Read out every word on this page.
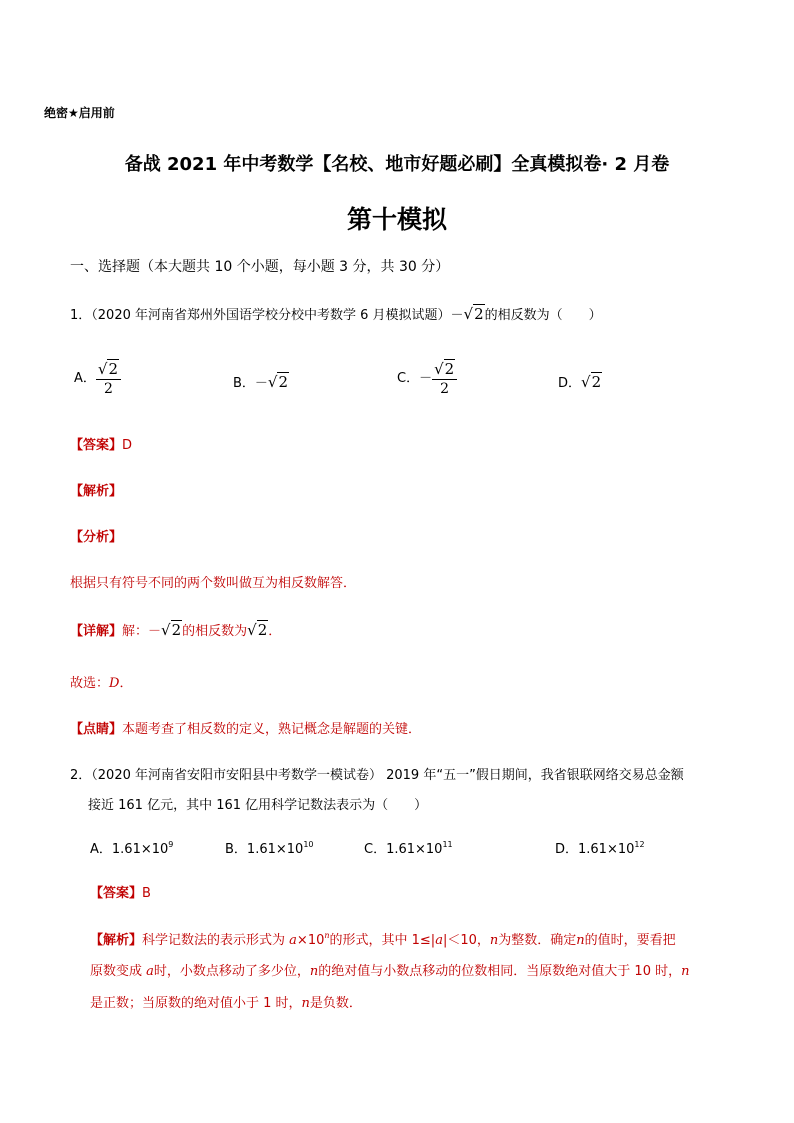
绝密★启用前
备战 2021 年中考数学【名校、地市好题必刷】全真模拟卷· 2 月卷
第十模拟
一、选择题（本大题共 10 个小题，每小题 3 分，共 30 分）
1．（2020 年河南省郑州外国语学校分校中考数学 6 月模拟试题）－√2的相反数为（　　）
A． $\frac{√2}{2}$	B．－√2	C．－ $\frac{√2}{2}$	D．√2
【答案】D
【解析】
【分析】
根据只有符号不同的两个数叫做互为相反数解答．
【详解】解：－√2的相反数为√2．
故选：D．
【点睛】本题考查了相反数的定义，熟记概念是解题的关键．
2．（2020 年河南省安阳市安阳县中考数学一模试卷） 2019 年“五一”假日期间，我省银联网络交易总金额
接近 161 亿元，其中 161 亿用科学记数法表示为（　　）
A．$1.61\times 10^9$	B．$1.61\times 10^{10}$	C．$1.61\times 10^{11}$	D．$1.61\times 10^{12}$
【答案】B
【解析】科学记数法的表示形式为 $a\times 10^n$的形式，其中 1≤|a|＜10，n为整数．确定n的值时，要看把
原数变成 a时，小数点移动了多少位，n的绝对值与小数点移动的位数相同．当原数绝对值大于 10 时，n
是正数；当原数的绝对值小于 1 时，n是负数．
